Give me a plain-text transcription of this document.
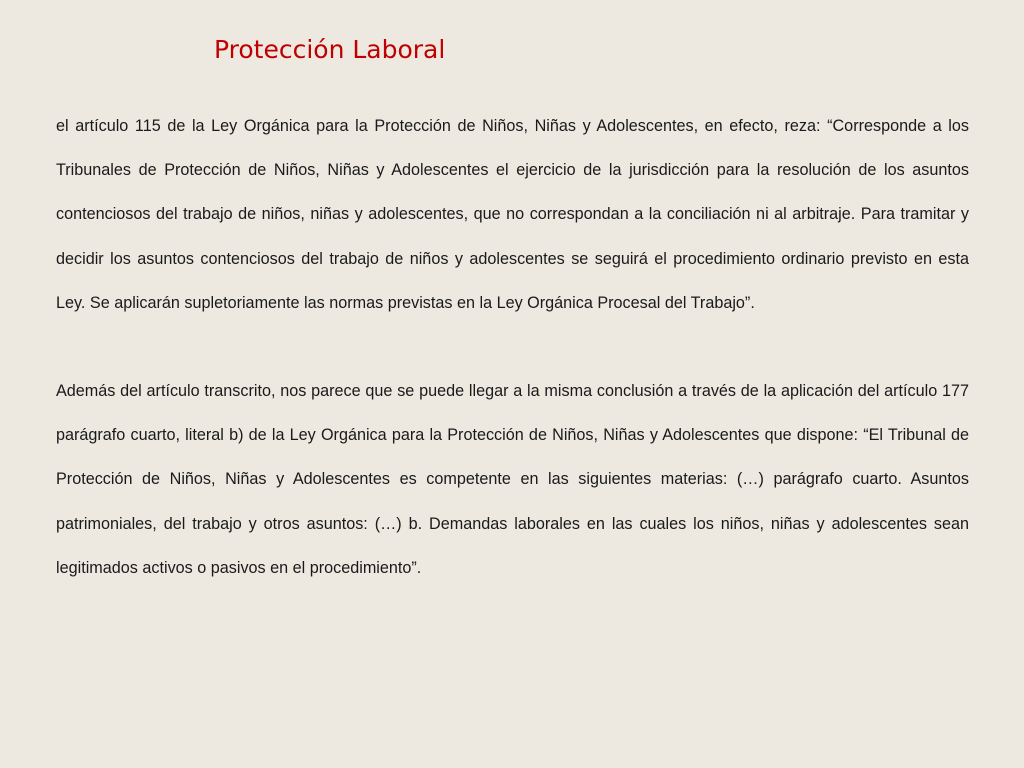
Protección Laboral

el artículo 115 de la Ley Orgánica para la Protección de Niños, Niñas y Adolescentes, en efecto, reza: “Corresponde a los Tribunales de Protección de Niños, Niñas y Adolescentes el ejercicio de la jurisdicción para la resolución de los asuntos contenciosos del trabajo de niños, niñas y adolescentes, que no correspondan a la conciliación ni al arbitraje. Para tramitar y decidir los asuntos contenciosos del trabajo de niños y adolescentes se seguirá el procedimiento ordinario previsto en esta Ley. Se aplicarán supletoriamente las normas previstas en la Ley Orgánica Procesal del Trabajo”.

Además del artículo transcrito, nos parece que se puede llegar a la misma conclusión a través de la aplicación del artículo 177 parágrafo cuarto, literal b) de la Ley Orgánica para la Protección de Niños, Niñas y Adolescentes que dispone: “El Tribunal de Protección de Niños, Niñas y Adolescentes es competente en las siguientes materias: (…) parágrafo cuarto. Asuntos patrimoniales, del trabajo y otros asuntos: (…) b. Demandas laborales en las cuales los niños, niñas y adolescentes sean legitimados activos o pasivos en el procedimiento”.
